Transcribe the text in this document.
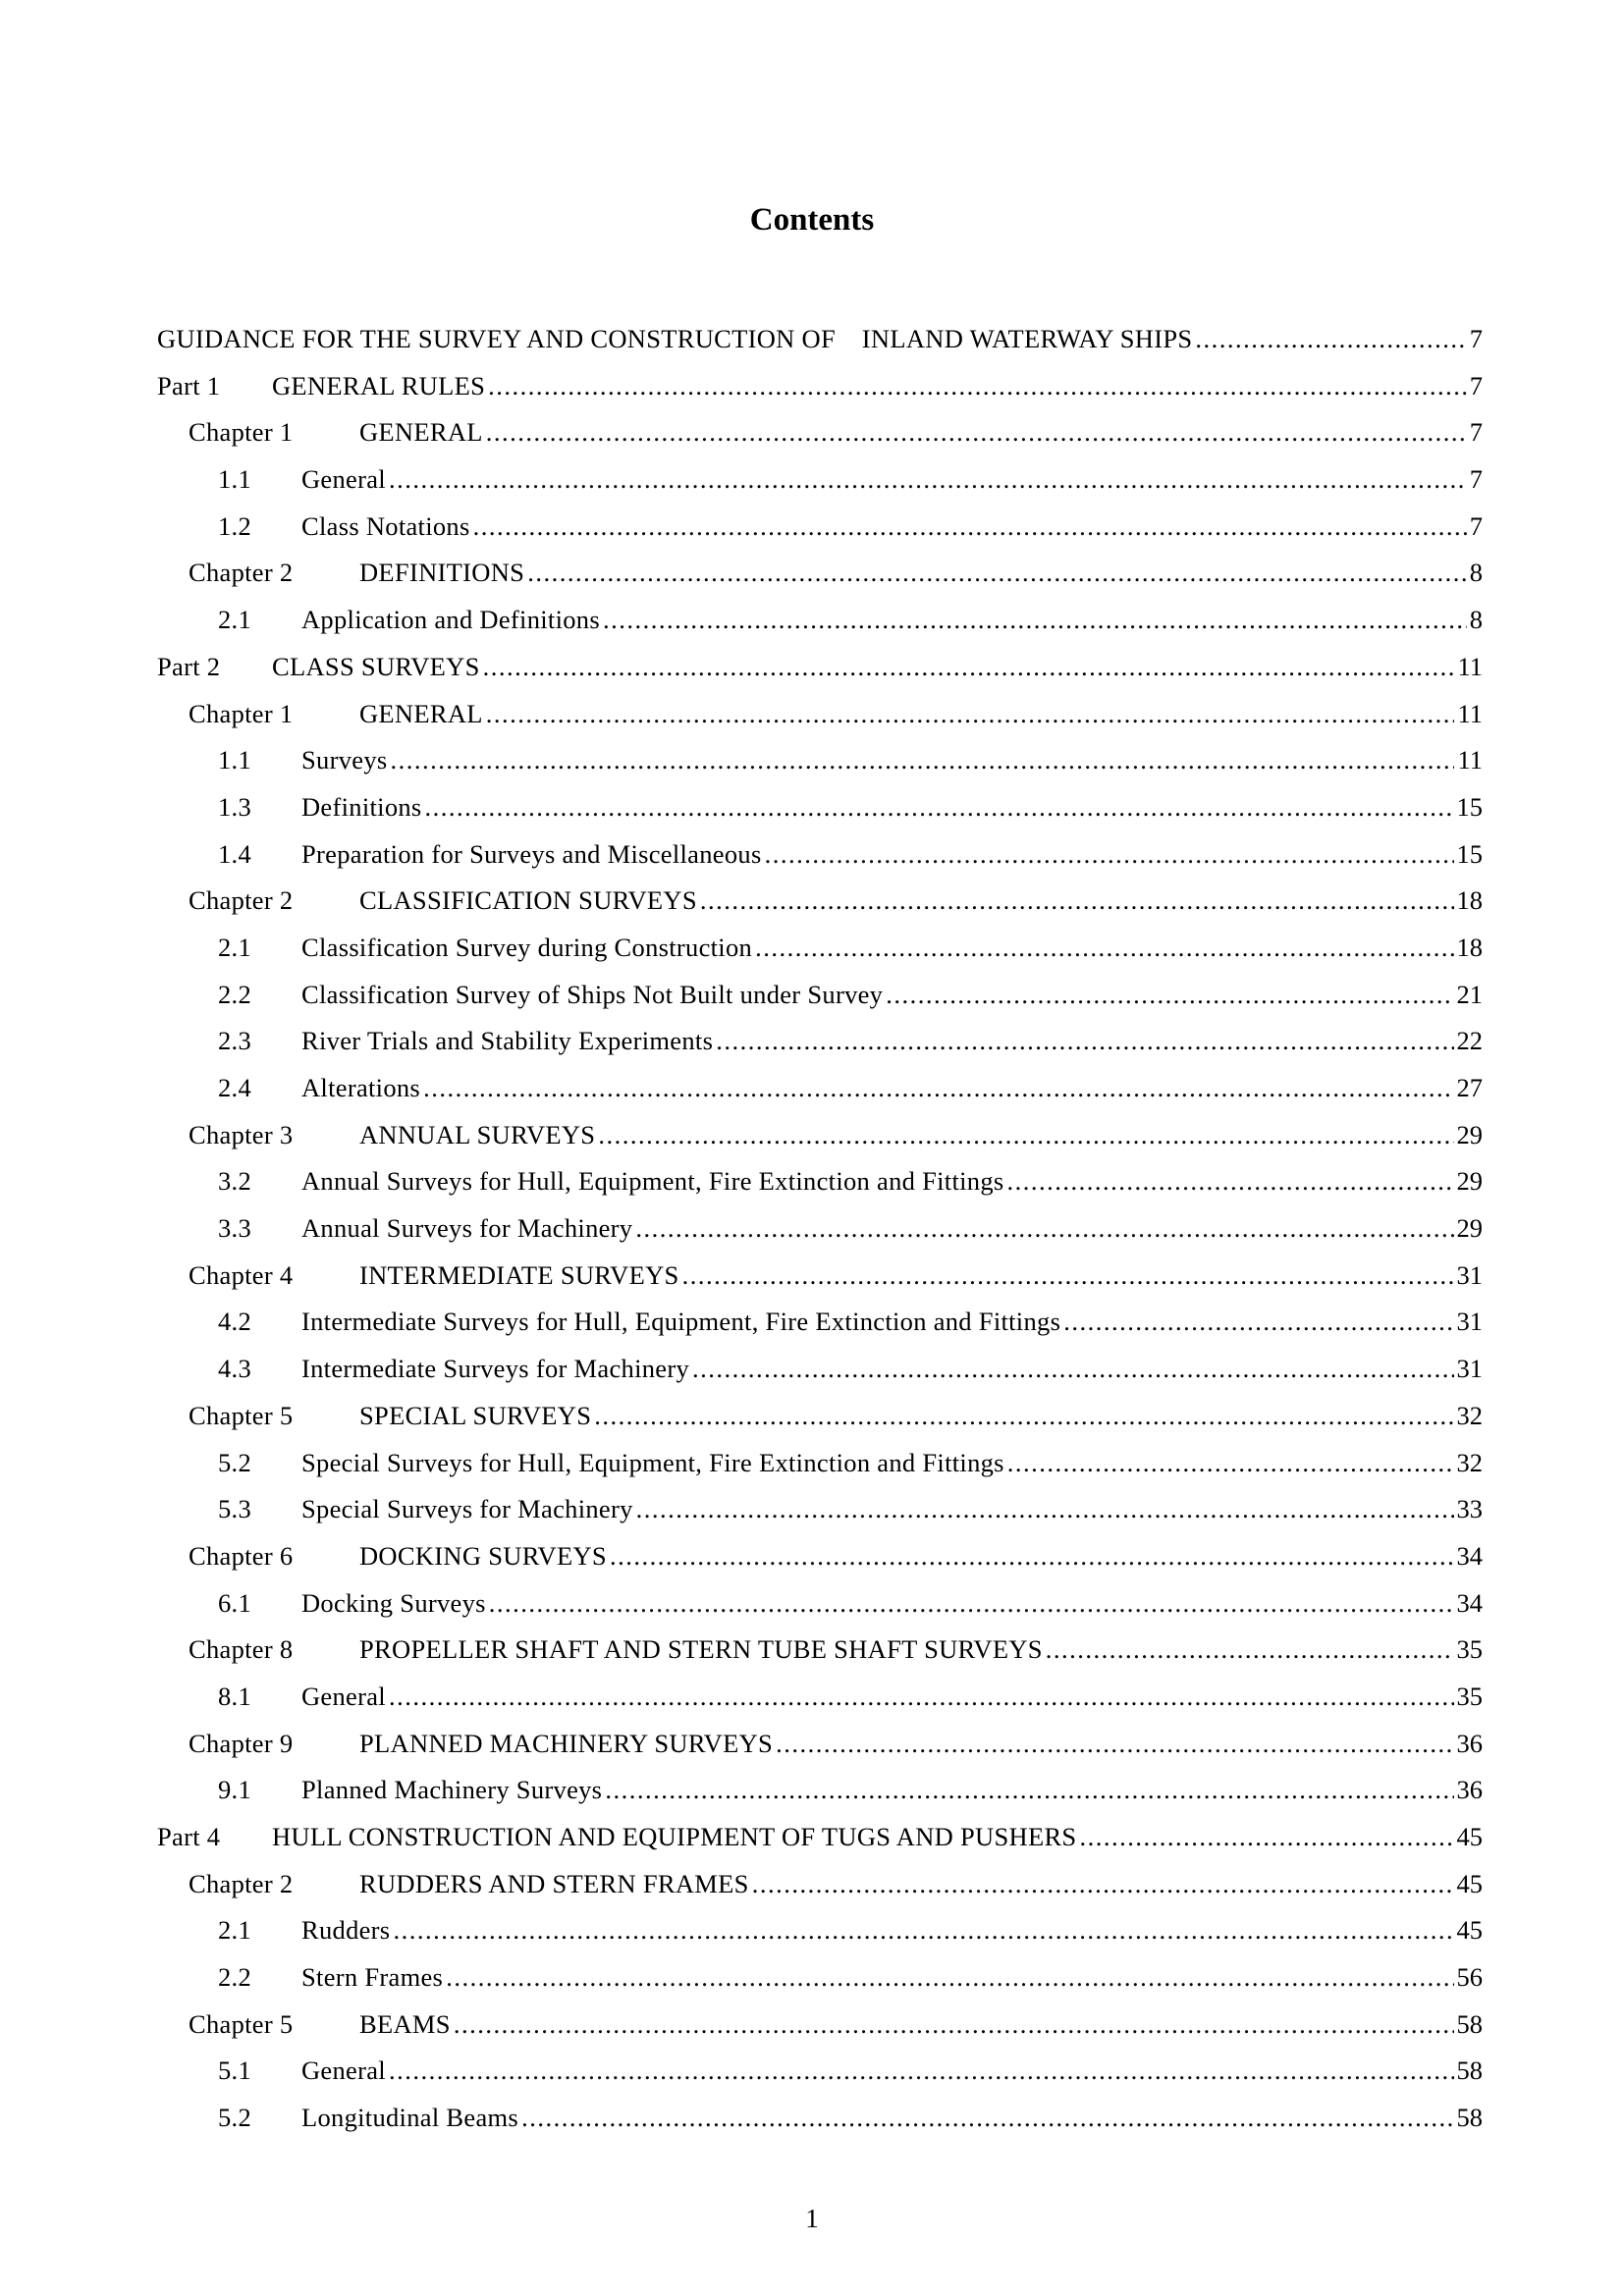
Contents
GUIDANCE FOR THE SURVEY AND CONSTRUCTION OF　INLAND WATERWAY SHIPS .....	7
Part 1	GENERAL RULES .....	7
Chapter 1	GENERAL .....	7
1.1	General .....	7
1.2	Class Notations .....	7
Chapter 2	DEFINITIONS .....	8
2.1	Application and Definitions .....	8
Part 2	CLASS SURVEYS .....	11
Chapter 1	GENERAL .....	11
1.1	Surveys .....	11
1.3	Definitions .....	15
1.4	Preparation for Surveys and Miscellaneous .....	15
Chapter 2	CLASSIFICATION SURVEYS .....	18
2.1	Classification Survey during Construction .....	18
2.2	Classification Survey of Ships Not Built under Survey .....	21
2.3	River Trials and Stability Experiments .....	22
2.4	Alterations .....	27
Chapter 3	ANNUAL SURVEYS .....	29
3.2	Annual Surveys for Hull, Equipment, Fire Extinction and Fittings .....	29
3.3	Annual Surveys for Machinery .....	29
Chapter 4	INTERMEDIATE SURVEYS .....	31
4.2	Intermediate Surveys for Hull, Equipment, Fire Extinction and Fittings .....	31
4.3	Intermediate Surveys for Machinery .....	31
Chapter 5	SPECIAL SURVEYS .....	32
5.2	Special Surveys for Hull, Equipment, Fire Extinction and Fittings .....	32
5.3	Special Surveys for Machinery .....	33
Chapter 6	DOCKING SURVEYS .....	34
6.1	Docking Surveys .....	34
Chapter 8	PROPELLER SHAFT AND STERN TUBE SHAFT SURVEYS .....	35
8.1	General .....	35
Chapter 9	PLANNED MACHINERY SURVEYS .....	36
9.1	Planned Machinery Surveys .....	36
Part 4	HULL CONSTRUCTION AND EQUIPMENT OF TUGS AND PUSHERS .....	45
Chapter 2	RUDDERS AND STERN FRAMES .....	45
2.1	Rudders .....	45
2.2	Stern Frames .....	56
Chapter 5	BEAMS .....	58
5.1	General .....	58
5.2	Longitudinal Beams .....	58
1
